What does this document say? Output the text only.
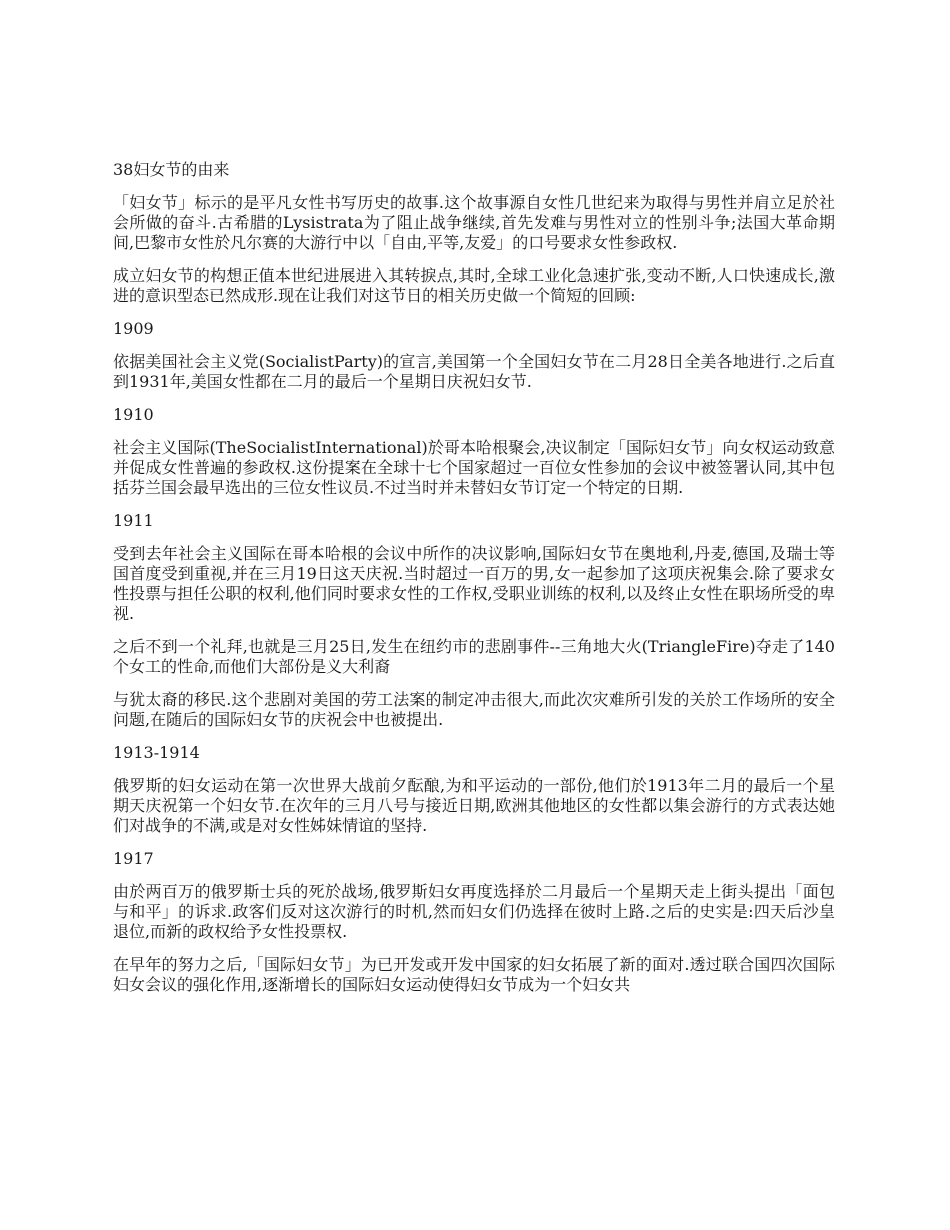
38妇女节的由来

「妇女节」标示的是平凡女性书写历史的故事.这个故事源自女性几世纪来为取得与男性并肩立足於社会所做的奋斗.古希腊的Lysistrata为了阻止战争继续,首先发难与男性对立的性别斗争;法国大革命期间,巴黎市女性於凡尔赛的大游行中以「自由,平等,友爱」的口号要求女性参政权.

成立妇女节的构想正值本世纪进展进入其转捩点,其时,全球工业化急速扩张,变动不断,人口快速成长,激进的意识型态已然成形.现在让我们对这节日的相关历史做一个简短的回顾:

1909

依据美国社会主义党(SocialistParty)的宣言,美国第一个全国妇女节在二月28日全美各地进行.之后直到1931年,美国女性都在二月的最后一个星期日庆祝妇女节.

1910

社会主义国际(TheSocialistInternational)於哥本哈根聚会,决议制定「国际妇女节」向女权运动致意并促成女性普遍的参政权.这份提案在全球十七个国家超过一百位女性参加的会议中被签署认同,其中包括芬兰国会最早选出的三位女性议员.不过当时并未替妇女节订定一个特定的日期.

1911

受到去年社会主义国际在哥本哈根的会议中所作的决议影响,国际妇女节在奥地利,丹麦,德国,及瑞士等国首度受到重视,并在三月19日这天庆祝.当时超过一百万的男,女一起参加了这项庆祝集会.除了要求女性投票与担任公职的权利,他们同时要求女性的工作权,受职业训练的权利,以及终止女性在职场所受的卑视.

之后不到一个礼拜,也就是三月25日,发生在纽约市的悲剧事件--三角地大火(TriangleFire)夺走了140个女工的性命,而他们大部份是义大利裔

与犹太裔的移民.这个悲剧对美国的劳工法案的制定冲击很大,而此次灾难所引发的关於工作场所的安全问题,在随后的国际妇女节的庆祝会中也被提出.

1913-1914

俄罗斯的妇女运动在第一次世界大战前夕酝酿,为和平运动的一部份,他们於1913年二月的最后一个星期天庆祝第一个妇女节.在次年的三月八号与接近日期,欧洲其他地区的女性都以集会游行的方式表达她们对战争的不满,或是对女性姊妹情谊的坚持.

1917

由於两百万的俄罗斯士兵的死於战场,俄罗斯妇女再度选择於二月最后一个星期天走上街头提出「面包与和平」的诉求.政客们反对这次游行的时机,然而妇女们仍选择在彼时上路.之后的史实是:四天后沙皇退位,而新的政权给予女性投票权.

在早年的努力之后,「国际妇女节」为已开发或开发中国家的妇女拓展了新的面对.透过联合国四次国际妇女会议的强化作用,逐渐增长的国际妇女运动使得妇女节成为一个妇女共
